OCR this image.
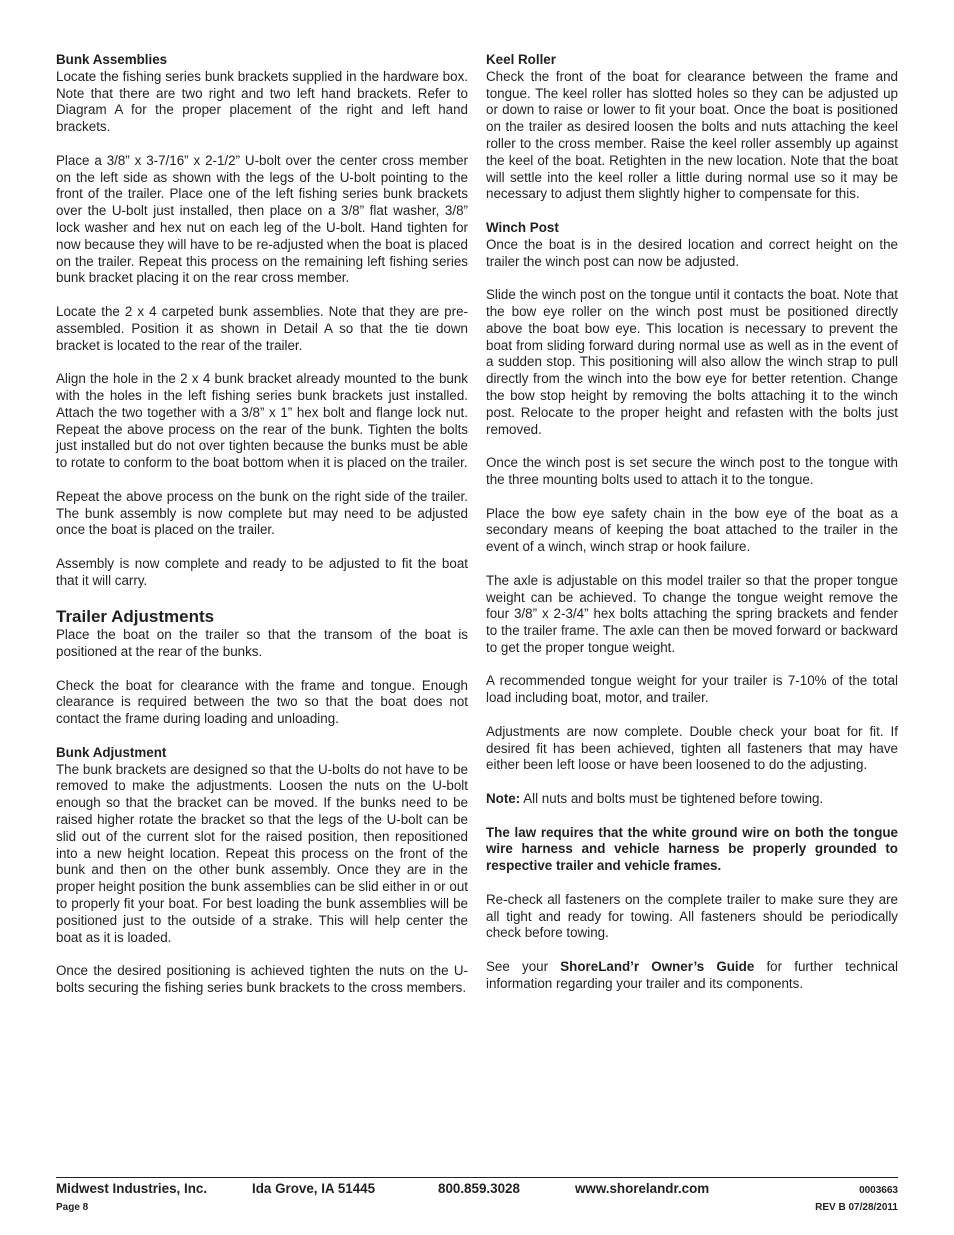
Bunk Assemblies

Locate the fishing series bunk brackets supplied in the hardware box. Note that there are two right and two left hand brackets. Refer to Diagram A for the proper placement of the right and left hand brackets.

Place a 3/8” x 3-7/16” x 2-1/2” U-bolt over the center cross member on the left side as shown with the legs of the U-bolt pointing to the front of the trailer. Place one of the left fishing series bunk brackets over the U-bolt just installed, then place on a 3/8” flat washer, 3/8” lock washer and hex nut on each leg of the U-bolt. Hand tighten for now because they will have to be re-adjusted when the boat is placed on the trailer. Repeat this process on the remaining left fishing series bunk bracket placing it on the rear cross member.

Locate the 2 x 4 carpeted bunk assemblies. Note that they are pre-assembled. Position it as shown in Detail A so that the tie down bracket is located to the rear of the trailer.

Align the hole in the 2 x 4 bunk bracket already mounted to the bunk with the holes in the left fishing series bunk brackets just installed. Attach the two together with a 3/8” x 1” hex bolt and flange lock nut. Repeat the above process on the rear of the bunk. Tighten the bolts just installed but do not over tighten because the bunks must be able to rotate to conform to the boat bottom when it is placed on the trailer.

Repeat the above process on the bunk on the right side of the trailer. The bunk assembly is now complete but may need to be adjusted once the boat is placed on the trailer.

Assembly is now complete and ready to be adjusted to fit the boat that it will carry.

Trailer Adjustments

Place the boat on the trailer so that the transom of the boat is positioned at the rear of the bunks.

Check the boat for clearance with the frame and tongue. Enough clearance is required between the two so that the boat does not contact the frame during loading and unloading.

Bunk Adjustment

The bunk brackets are designed so that the U-bolts do not have to be removed to make the adjustments. Loosen the nuts on the U-bolt enough so that the bracket can be moved. If the bunks need to be raised higher rotate the bracket so that the legs of the U-bolt can be slid out of the current slot for the raised position, then repositioned into a new height location. Repeat this process on the front of the bunk and then on the other bunk assembly. Once they are in the proper height position the bunk assemblies can be slid either in or out to properly fit your boat. For best loading the bunk assemblies will be positioned just to the outside of a strake. This will help center the boat as it is loaded.

Once the desired positioning is achieved tighten the nuts on the U-bolts securing the fishing series bunk brackets to the cross members.

Keel Roller

Check the front of the boat for clearance between the frame and tongue. The keel roller has slotted holes so they can be adjusted up or down to raise or lower to fit your boat. Once the boat is positioned on the trailer as desired loosen the bolts and nuts attaching the keel roller to the cross member. Raise the keel roller assembly up against the keel of the boat. Retighten in the new location. Note that the boat will settle into the keel roller a little during normal use so it may be necessary to adjust them slightly higher to compensate for this.

Winch Post

Once the boat is in the desired location and correct height on the trailer the winch post can now be adjusted.

Slide the winch post on the tongue until it contacts the boat. Note that the bow eye roller on the winch post must be positioned directly above the boat bow eye. This location is necessary to prevent the boat from sliding forward during normal use as well as in the event of a sudden stop. This positioning will also allow the winch strap to pull directly from the winch into the bow eye for better retention. Change the bow stop height by removing the bolts attaching it to the winch post. Relocate to the proper height and refasten with the bolts just removed.

Once the winch post is set secure the winch post to the tongue with the three mounting bolts used to attach it to the tongue.

Place the bow eye safety chain in the bow eye of the boat as a secondary means of keeping the boat attached to the trailer in the event of a winch, winch strap or hook failure.

The axle is adjustable on this model trailer so that the proper tongue weight can be achieved. To change the tongue weight remove the four 3/8” x 2-3/4” hex bolts attaching the spring brackets and fender to the trailer frame. The axle can then be moved forward or backward to get the proper tongue weight.

A recommended tongue weight for your trailer is 7-10% of the total load including boat, motor, and trailer.

Adjustments are now complete. Double check your boat for fit. If desired fit has been achieved, tighten all fasteners that may have either been left loose or have been loosened to do the adjusting.

Note: All nuts and bolts must be tightened before towing.

The law requires that the white ground wire on both the tongue wire harness and vehicle harness be properly grounded to respective trailer and vehicle frames.

Re-check all fasteners on the complete trailer to make sure they are all tight and ready for towing. All fasteners should be periodically check before towing.

See your ShoreLand’r Owner’s Guide for further technical information regarding your trailer and its components.

Midwest Industries, Inc.	Ida Grove, IA 51445	800.859.3028	www.shorelandr.com	0003663
Page 8	REV B 07/28/2011
